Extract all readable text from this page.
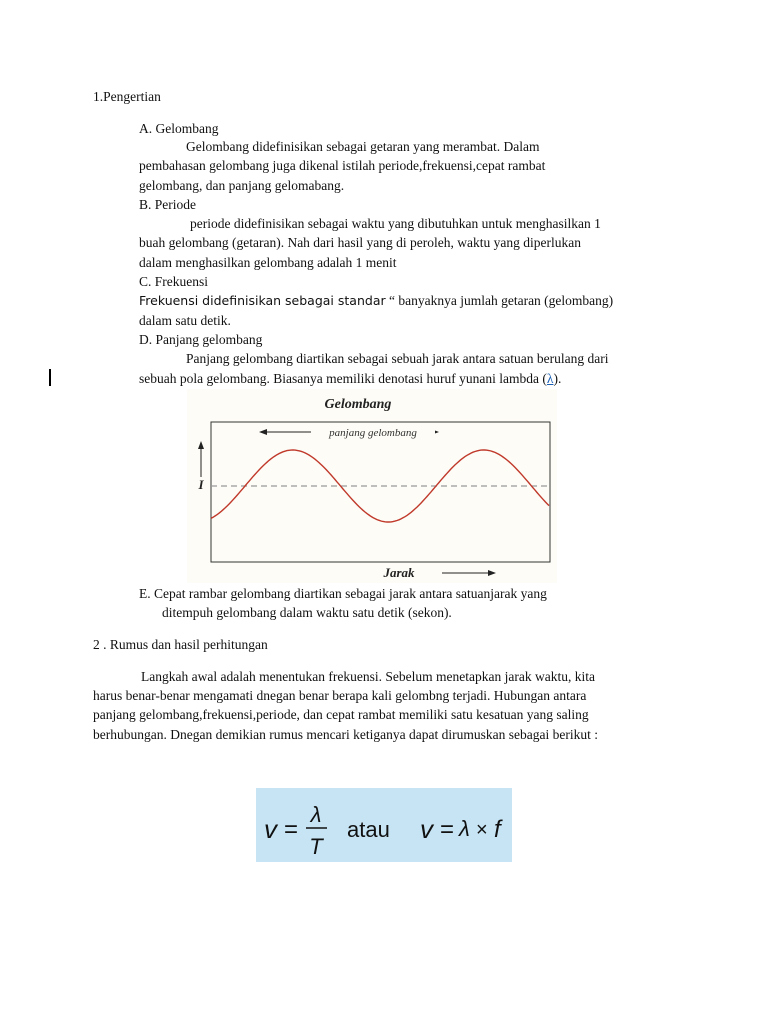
1.Pengertian
A. Gelombang
Gelombang didefinisikan sebagai getaran yang merambat. Dalam
pembahasan gelombang juga dikenal istilah periode,frekuensi,cepat rambat
gelombang, dan panjang gelomabang.
B. Periode
periode didefinisikan sebagai waktu yang dibutuhkan untuk menghasilkan 1
buah gelombang (getaran). Nah dari hasil yang di peroleh, waktu yang diperlukan
dalam menghasilkan gelombang adalah 1 menit
C. Frekuensi
Frekuensi didefinisikan sebagai standar “ banyaknya jumlah getaran (gelombang)
dalam satu detik.
D. Panjang gelombang
Panjang gelombang diartikan sebagai sebuah jarak antara satuan berulang dari
sebuah pola gelombang. Biasanya memiliki denotasi huruf yunani lambda (λ).
Gelombang
panjang gelombang
I
Jarak
E. Cepat rambar gelombang diartikan sebagai jarak antara satuanjarak yang
ditempuh gelombang dalam waktu satu detik (sekon).
2 . Rumus dan hasil perhitungan
Langkah awal adalah menentukan frekuensi. Sebelum menetapkan jarak waktu, kita
harus benar-benar mengamati dnegan benar berapa kali gelombng terjadi. Hubungan antara
panjang gelombang,frekuensi,periode, dan cepat rambat memiliki satu kesatuan yang saling
berhubungan. Dnegan demikian rumus mencari ketiganya dapat dirumuskan sebagai berikut :
v =
λ
T
atau v = λ × f
